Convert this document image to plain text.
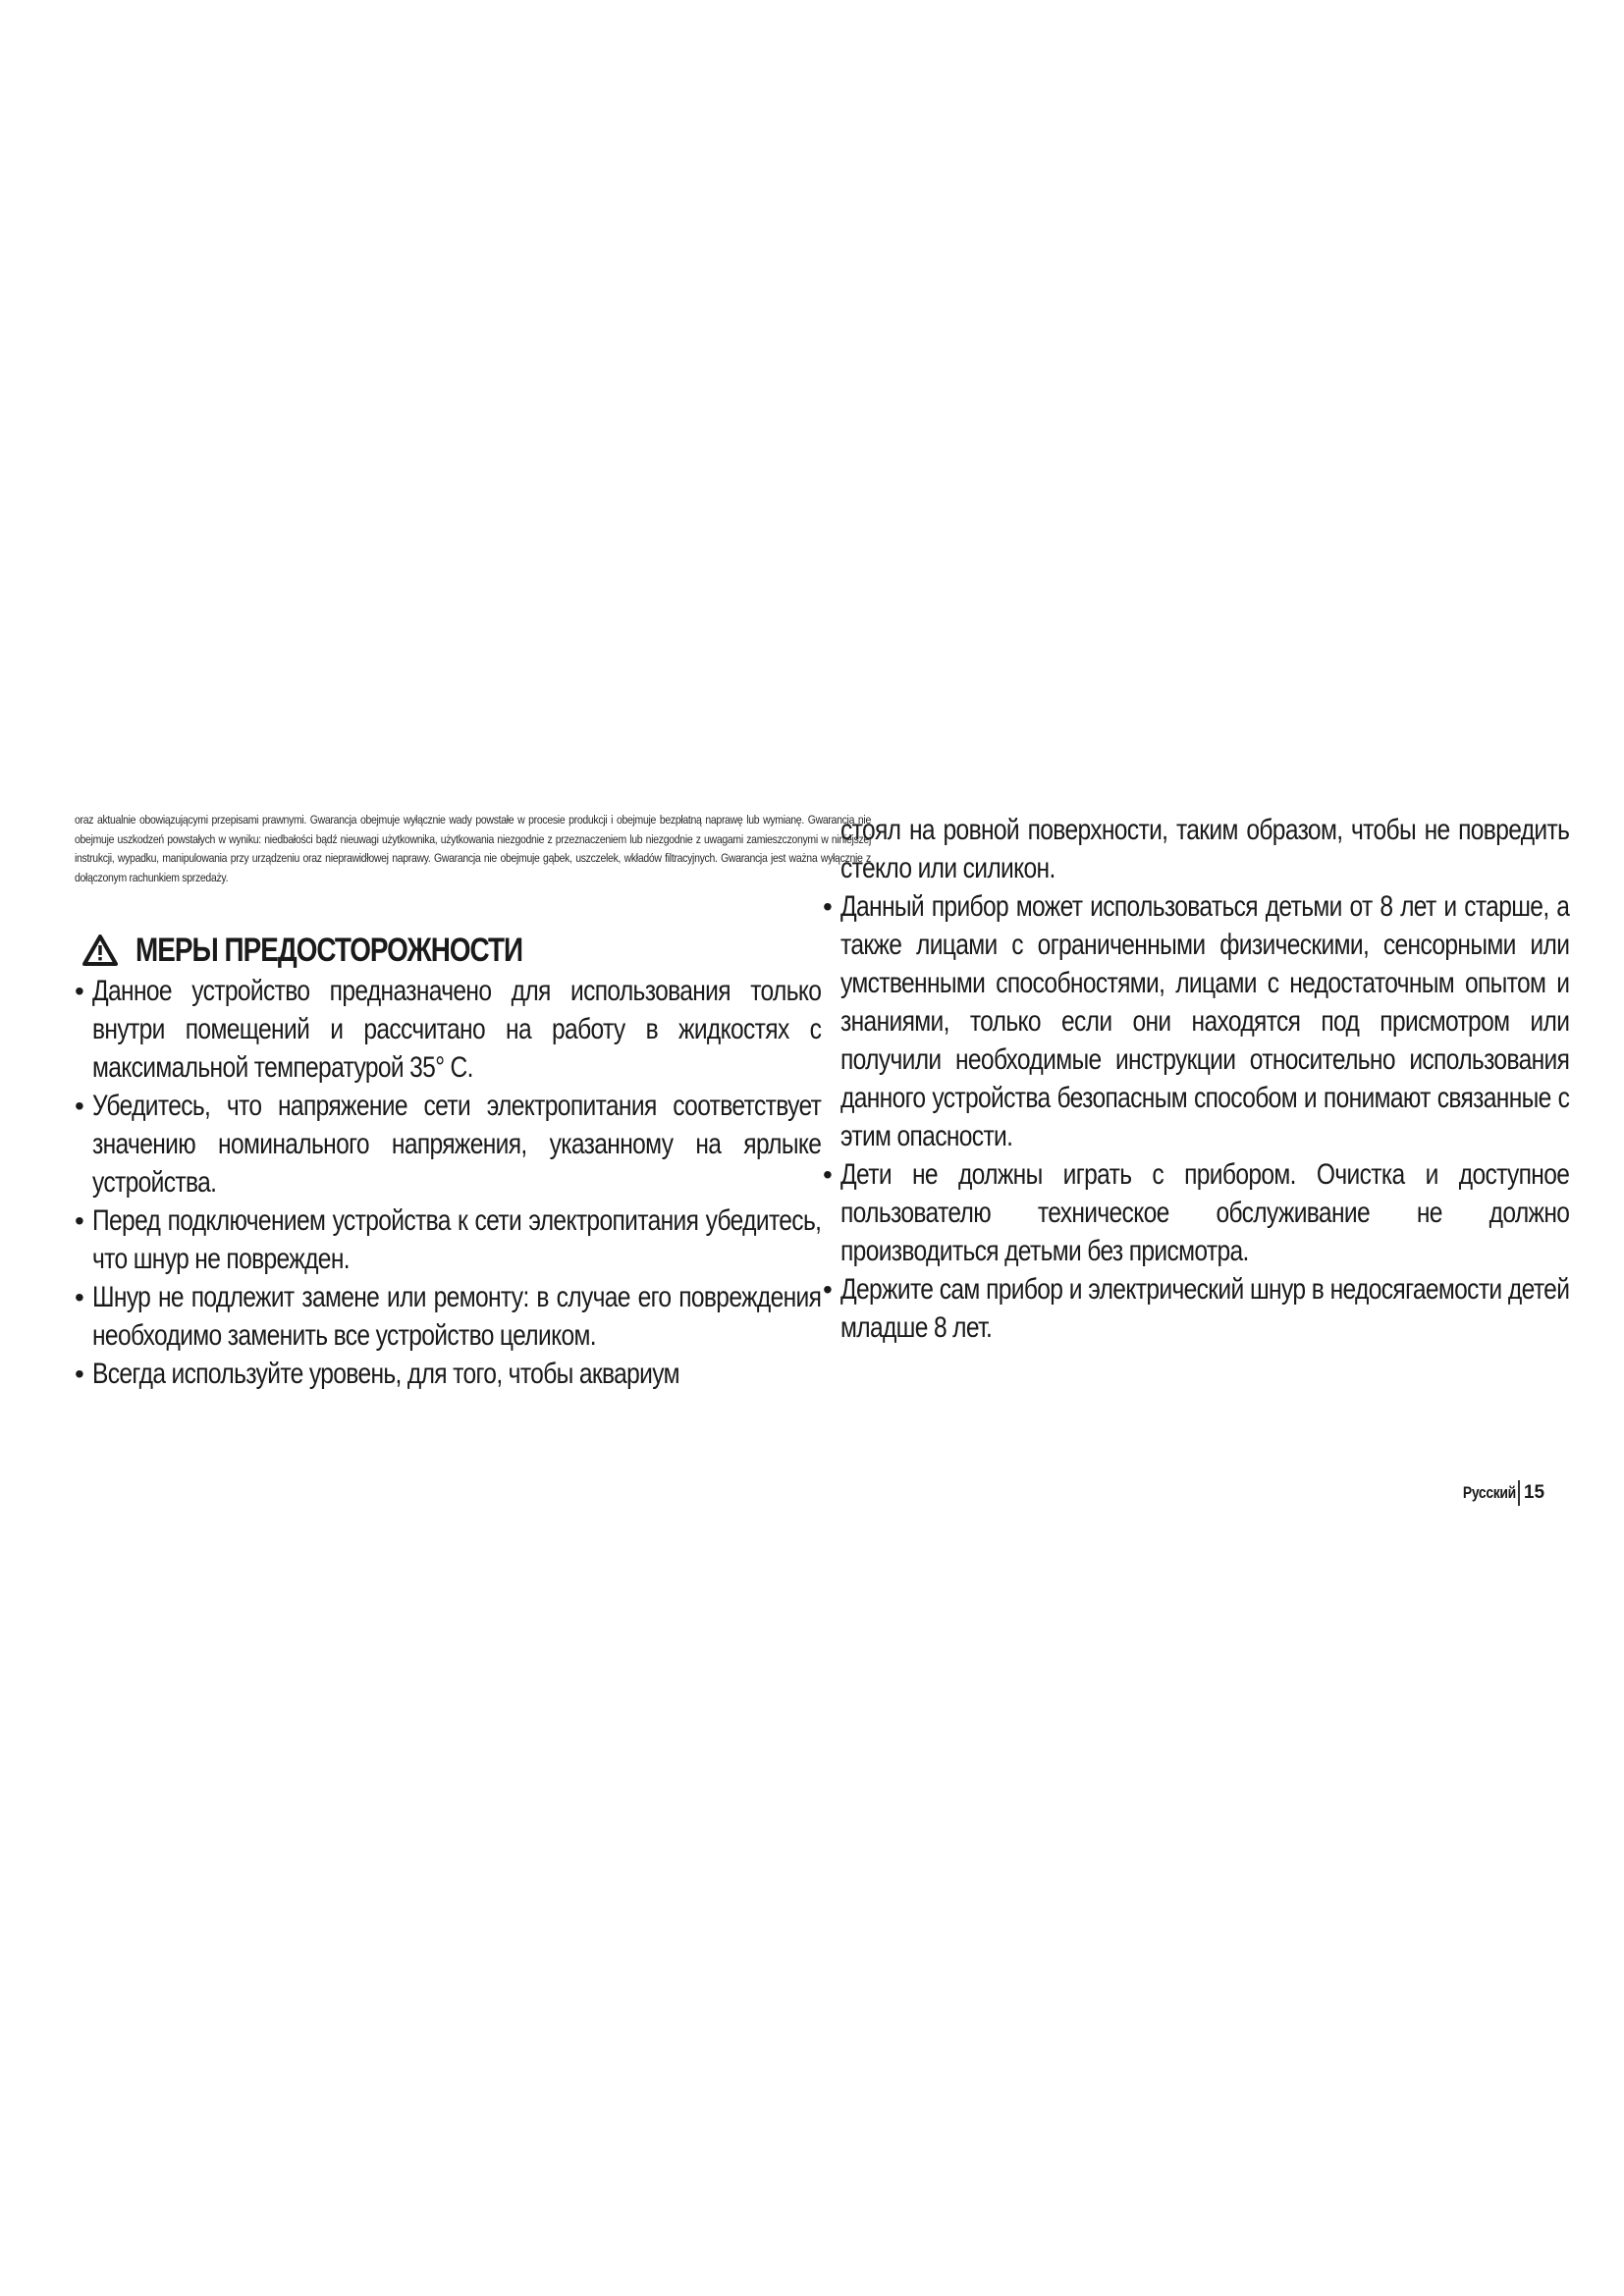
oraz aktualnie obowiązującymi przepisami prawnymi. Gwarancja obejmuje wyłącznie wady powstałe w procesie produkcji i obejmuje bezpłatną naprawę lub wymianę. Gwarancja nie obejmuje uszkodzeń powstałych w wyniku: niedbałości bądź nieuwagi użytkownika, użytkowania niezgodnie z przeznaczeniem lub niezgodnie z uwagami zamieszczonymi w niniejszej instrukcji, wypadku, manipulowania przy urządzeniu oraz nieprawidłowej naprawy. Gwarancja nie obejmuje gąbek, uszczelek, wkładów filtracyjnych. Gwarancja jest ważna wyłącznie z dołączonym rachunkiem sprzedaży.

МЕРЫ ПРЕДОСТОРОЖНОСТИ
• Данное устройство предназначено для использования только внутри помещений и рассчитано на работу в жидкостях с максимальной температурой 35° C.
• Убедитесь, что напряжение сети электропитания соответствует значению номинального напряжения, указанному на ярлыке устройства.
• Перед подключением устройства к сети электропитания убедитесь, что шнур не поврежден.
• Шнур не подлежит замене или ремонту: в случае его повреждения необходимо заменить все устройство целиком.
• Всегда используйте уровень, для того, чтобы аквариум
стоял на ровной поверхности, таким образом, чтобы не повредить стекло или силикон.
• Данный прибор может использоваться детьми от 8 лет и старше, а также лицами с ограниченными физическими, сенсорными или умственными способностями, лицами с недостаточным опытом и знаниями, только если они находятся под присмотром или получили необходимые инструкции относительно использования данного устройства безопасным способом и понимают связанные с этим опасности.
• Дети не должны играть с прибором. Очистка и доступное пользователю техническое обслуживание не должно производиться детьми без присмотра.
• Держите сам прибор и электрический шнур в недосягаемости детей младше 8 лет.
Русский 15
